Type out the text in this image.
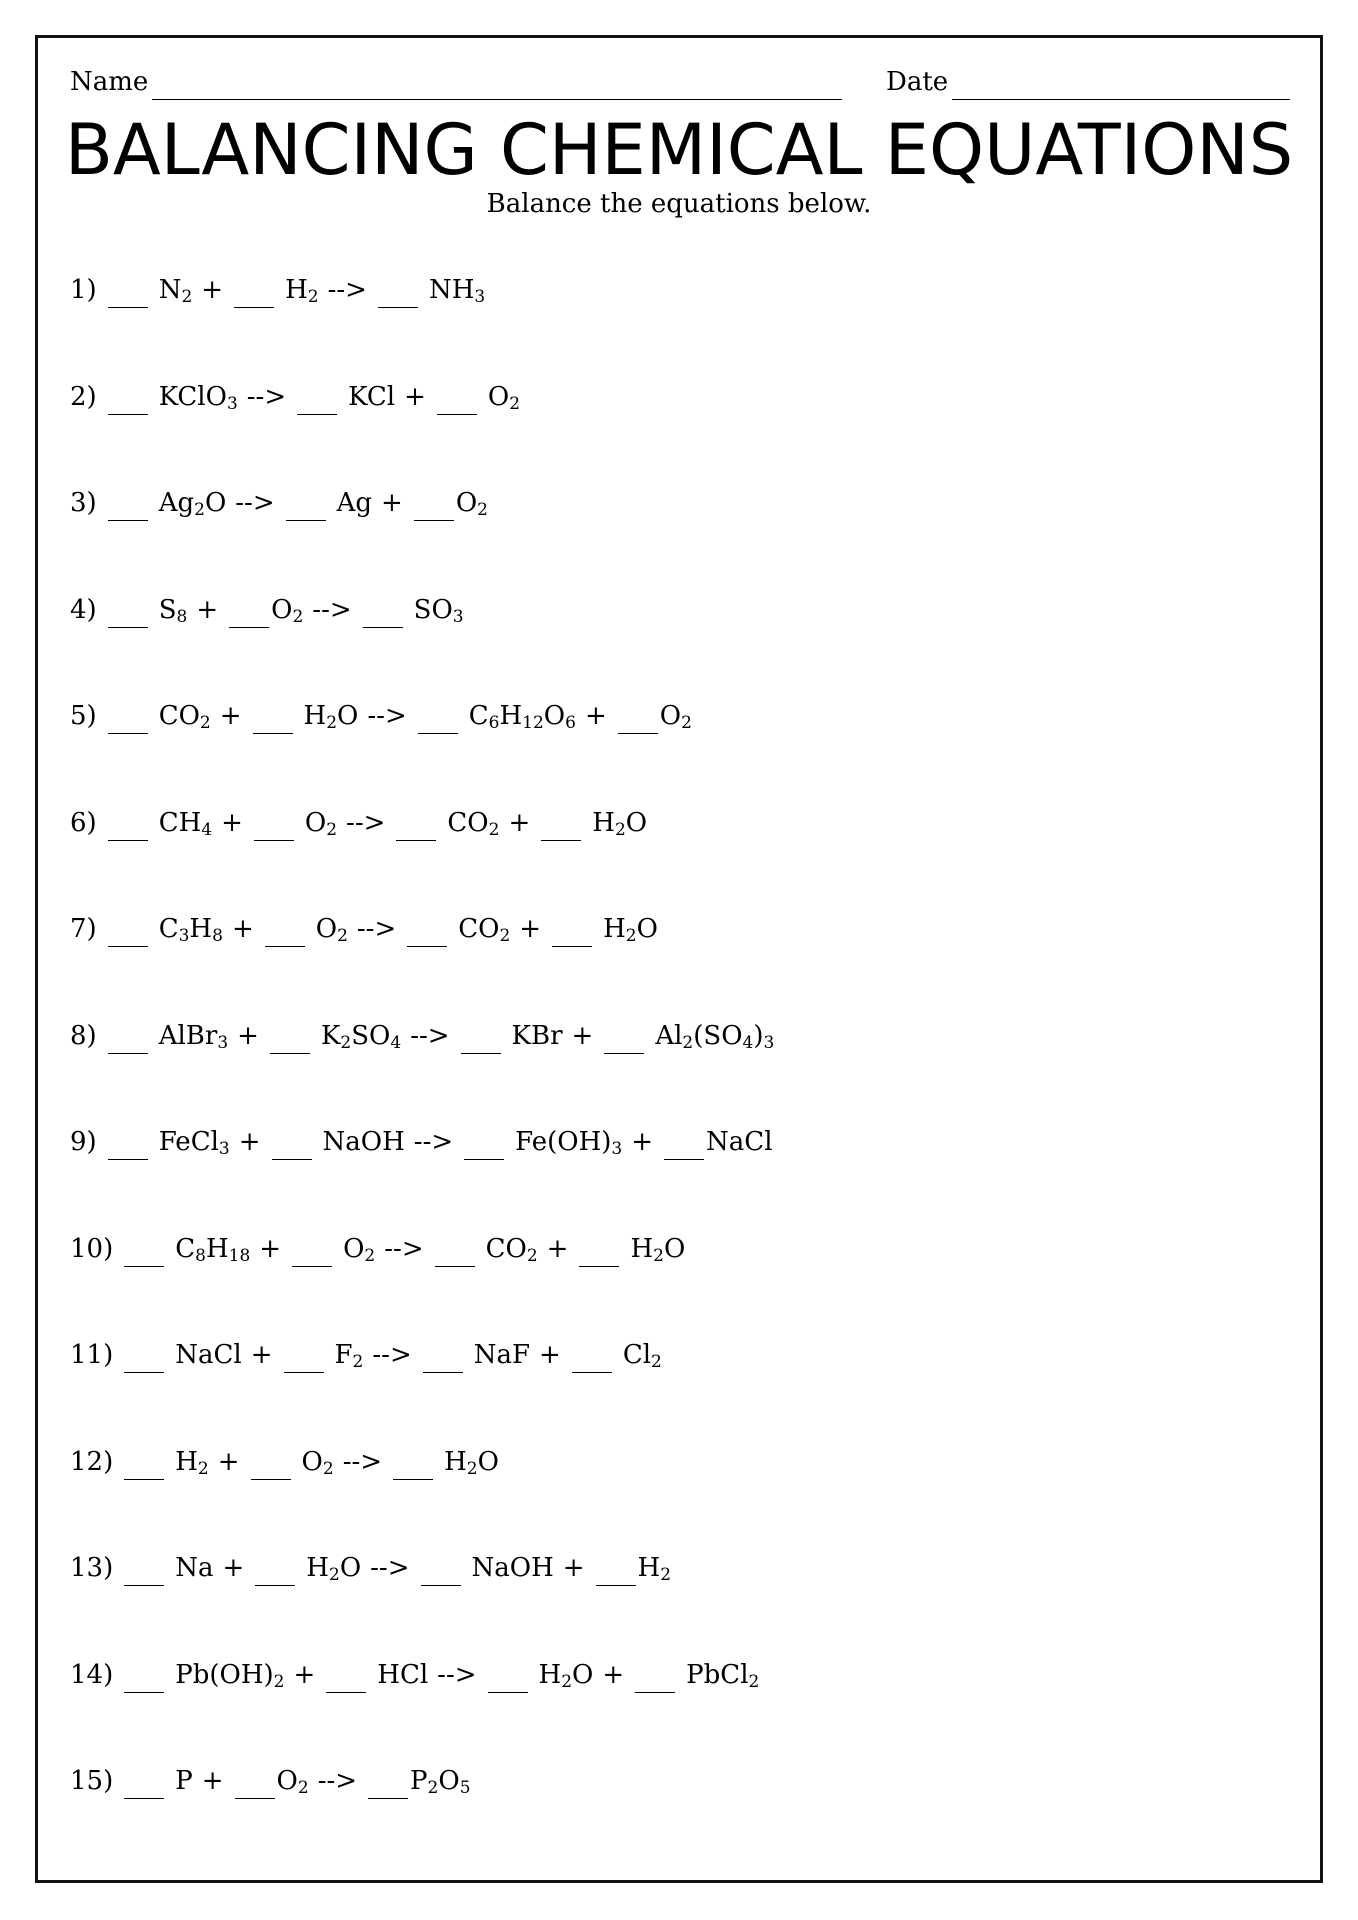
Name	Date
BALANCING CHEMICAL EQUATIONS
Balance the equations below.
1) $N_2 + H_2$ --> $NH_3$
2) KClO$_3$ --> KCl + $O_2$
3) $Ag_2O$ --> $Ag + O_2$
4) $S_8 + O_2$ --> $SO_3$
5) $CO_2 + H_2O$ --> $C_6H_{12}O_6 + O_2$
6) $CH_4 + O_2$ --> $CO_2 + H_2O$
7) $C_3H_8 + O_2$ --> $CO_2 + H_2O$
8) AlBr$_3$ + $K_2SO_4$ --> KBr + $Al_2(SO_4)_3$
9) FeCl$_3$ + NaOH --> $Fe(OH)_3$ + NaCl
10) $C_8H_{18} + O_2$ --> $CO_2 + H_2O$
11) NaCl + $F_2$ --> NaF + $Cl_2$
12) $H_2 + O_2$ --> $H_2O$
13) $Na + H_2O$ --> NaOH + $H_2$
14) $Pb(OH)_2$ + HCl --> $H_2O$ + PbCl$_2$
15) $P + O_2$ --> $P_2O_5$
